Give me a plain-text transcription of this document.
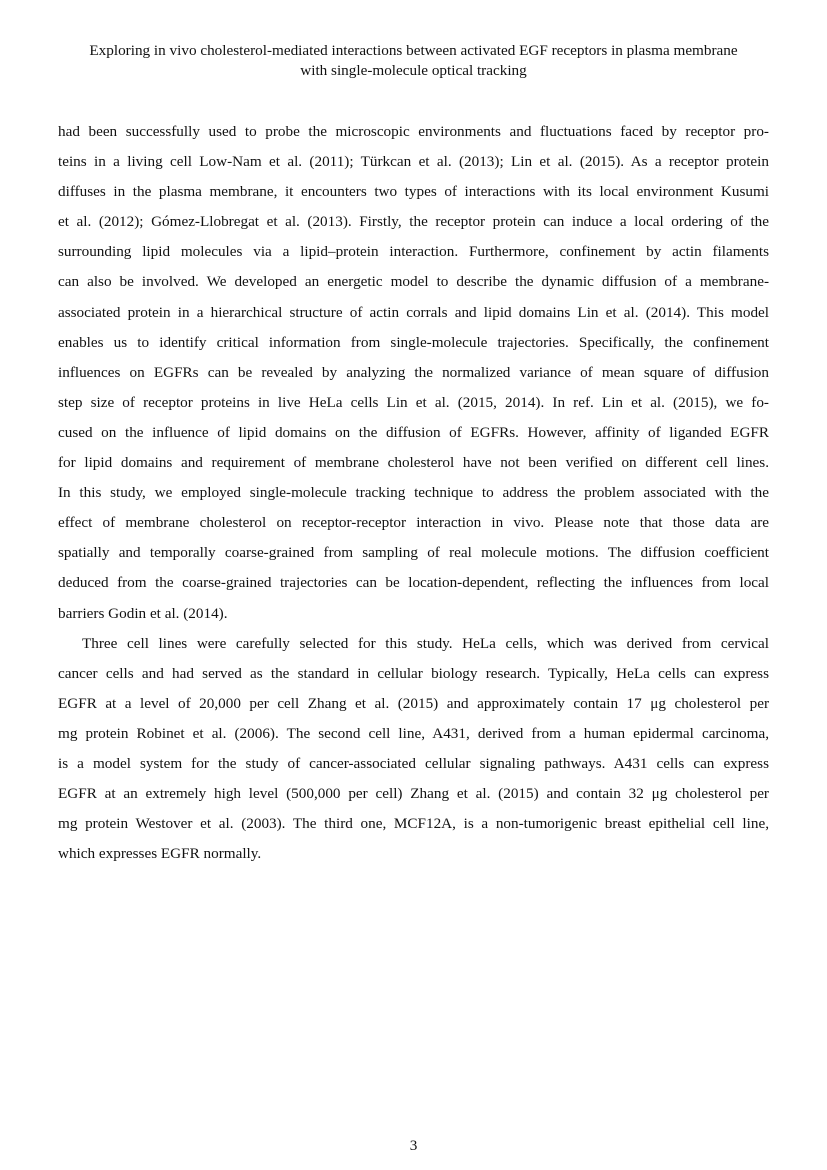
Exploring in vivo cholesterol-mediated interactions between activated EGF receptors in plasma membrane
with single-molecule optical tracking

had been successfully used to probe the microscopic environments and fluctuations faced by receptor pro-
teins in a living cell Low-Nam et al. (2011); Türkcan et al. (2013); Lin et al. (2015). As a receptor protein
diffuses in the plasma membrane, it encounters two types of interactions with its local environment Kusumi
et al. (2012); Gómez-Llobregat et al. (2013). Firstly, the receptor protein can induce a local ordering of the
surrounding lipid molecules via a lipid–protein interaction. Furthermore, confinement by actin filaments
can also be involved. We developed an energetic model to describe the dynamic diffusion of a membrane-
associated protein in a hierarchical structure of actin corrals and lipid domains Lin et al. (2014). This model
enables us to identify critical information from single-molecule trajectories. Specifically, the confinement
influences on EGFRs can be revealed by analyzing the normalized variance of mean square of diffusion
step size of receptor proteins in live HeLa cells Lin et al. (2015, 2014). In ref. Lin et al. (2015), we fo-
cused on the influence of lipid domains on the diffusion of EGFRs. However, affinity of liganded EGFR
for lipid domains and requirement of membrane cholesterol have not been verified on different cell lines.
In this study, we employed single-molecule tracking technique to address the problem associated with the
effect of membrane cholesterol on receptor-receptor interaction in vivo. Please note that those data are
spatially and temporally coarse-grained from sampling of real molecule motions. The diffusion coefficient
deduced from the coarse-grained trajectories can be location-dependent, reflecting the influences from local
barriers Godin et al. (2014).

Three cell lines were carefully selected for this study. HeLa cells, which was derived from cervical
cancer cells and had served as the standard in cellular biology research. Typically, HeLa cells can express
EGFR at a level of 20,000 per cell Zhang et al. (2015) and approximately contain 17 μg cholesterol per
mg protein Robinet et al. (2006). The second cell line, A431, derived from a human epidermal carcinoma,
is a model system for the study of cancer-associated cellular signaling pathways. A431 cells can express
EGFR at an extremely high level (500,000 per cell) Zhang et al. (2015) and contain 32 μg cholesterol per
mg protein Westover et al. (2003). The third one, MCF12A, is a non-tumorigenic breast epithelial cell line,
which expresses EGFR normally.

3
